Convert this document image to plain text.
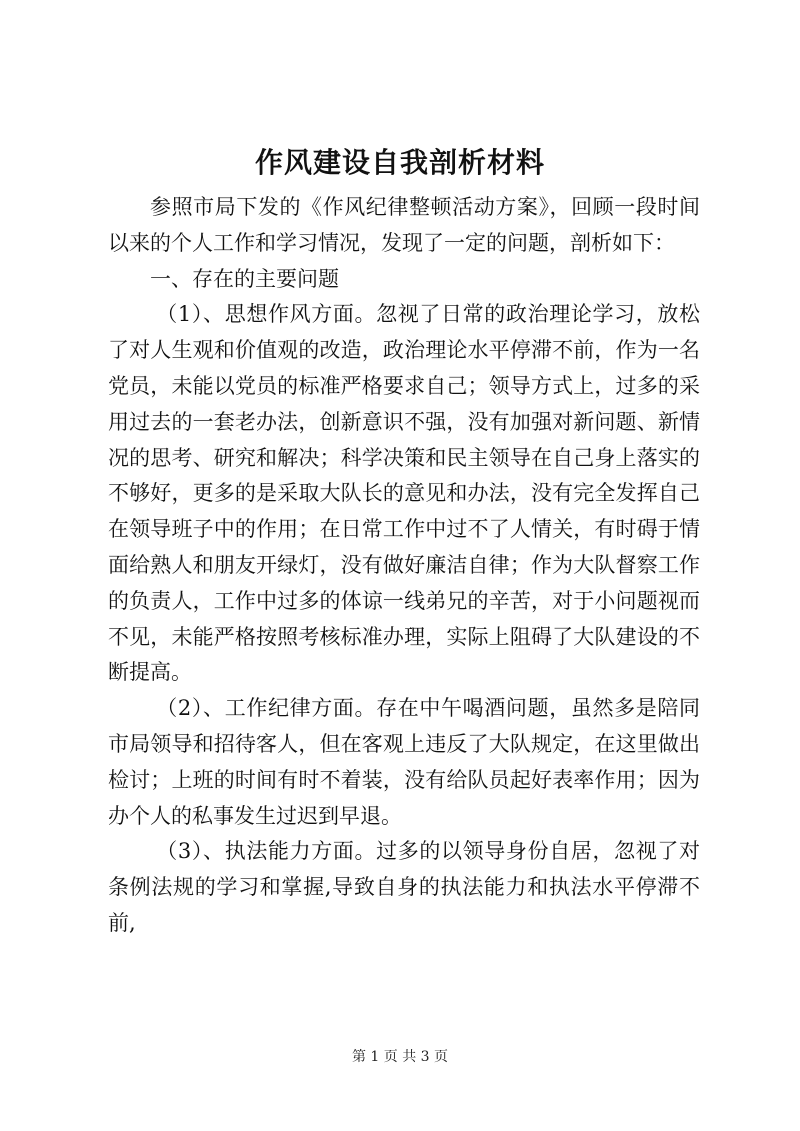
作风建设自我剖析材料

参照市局下发的《作风纪律整顿活动方案》，回顾一段时间以来的个人工作和学习情况，发现了一定的问题，剖析如下：

一、存在的主要问题

（1）、思想作风方面。忽视了日常的政治理论学习，放松了对人生观和价值观的改造，政治理论水平停滞不前，作为一名党员，未能以党员的标准严格要求自己；领导方式上，过多的采用过去的一套老办法，创新意识不强，没有加强对新问题、新情况的思考、研究和解决；科学决策和民主领导在自己身上落实的不够好，更多的是采取大队长的意见和办法，没有完全发挥自己在领导班子中的作用；在日常工作中过不了人情关，有时碍于情面给熟人和朋友开绿灯，没有做好廉洁自律；作为大队督察工作的负责人，工作中过多的体谅一线弟兄的辛苦，对于小问题视而不见，未能严格按照考核标准办理，实际上阻碍了大队建设的不断提高。

（2）、工作纪律方面。存在中午喝酒问题，虽然多是陪同市局领导和招待客人，但在客观上违反了大队规定，在这里做出检讨；上班的时间有时不着装，没有给队员起好表率作用；因为办个人的私事发生过迟到早退。

（3）、执法能力方面。过多的以领导身份自居，忽视了对条例法规的学习和掌握,导致自身的执法能力和执法水平停滞不前,

第 1 页 共 3 页
